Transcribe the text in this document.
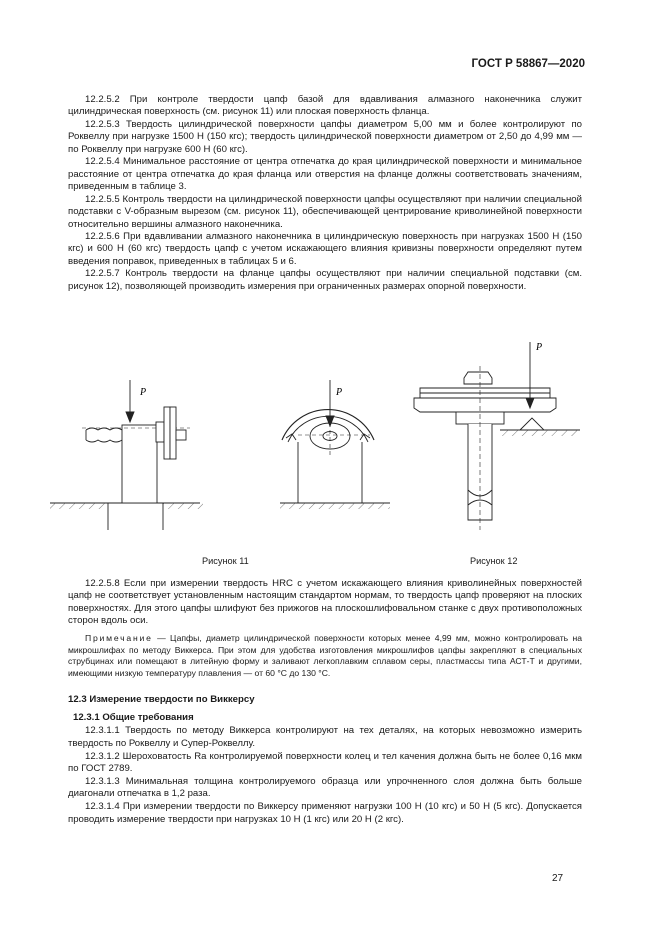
ГОСТ Р 58867—2020

12.2.5.2 При контроле твердости цапф базой для вдавливания алмазного наконечника служит цилиндрическая поверхность (см. рисунок 11) или плоская поверхность фланца.

12.2.5.3 Твердость цилиндрической поверхности цапфы диаметром 5,00 мм и более контролируют по Роквеллу при нагрузке 1500 Н (150 кгс); твердость цилиндрической поверхности диаметром от 2,50 до 4,99 мм — по Роквеллу при нагрузке 600 Н (60 кгс).

12.2.5.4 Минимальное расстояние от центра отпечатка до края цилиндрической поверхности и минимальное расстояние от центра отпечатка до края фланца или отверстия на фланце должны соответствовать значениям, приведенным в таблице 3.

12.2.5.5 Контроль твердости на цилиндрической поверхности цапфы осуществляют при наличии специальной подставки с V-образным вырезом (см. рисунок 11), обеспечивающей центрирование криволинейной поверхности относительно вершины алмазного наконечника.

12.2.5.6 При вдавливании алмазного наконечника в цилиндрическую поверхность при нагрузках 1500 Н (150 кгс) и 600 Н (60 кгс) твердость цапф с учетом искажающего влияния кривизны поверхности определяют путем введения поправок, приведенных в таблицах 5 и 6.

12.2.5.7 Контроль твердости на фланце цапфы осуществляют при наличии специальной подставки (см. рисунок 12), позволяющей производить измерения при ограниченных размерах опорной поверхности.

P	P
P
Рисунок 11	Рисунок 12

12.2.5.8 Если при измерении твердость HRC с учетом искажающего влияния криволинейных поверхностей цапф не соответствует установленным настоящим стандартом нормам, то твердость цапф проверяют на плоских поверхностях. Для этого цапфы шлифуют без прижогов на плоскошлифовальном станке с двух противоположных сторон вдоль оси.

Примечание — Цапфы, диаметр цилиндрической поверхности которых менее 4,99 мм, можно контролировать на микрошлифах по методу Виккерса. При этом для удобства изготовления микрошлифов цапфы закрепляют в специальных струбцинах или помещают в литейную форму и заливают легкоплавким сплавом серы, пластмассы типа АСТ-Т и другими, имеющими низкую температуру плавления — от 60 °C до 130 °C.

12.3 Измерение твердости по Виккерсу

12.3.1 Общие требования

12.3.1.1 Твердость по методу Виккерса контролируют на тех деталях, на которых невозможно измерить твердость по Роквеллу и Супер-Роквеллу.

12.3.1.2 Шероховатость Ra контролируемой поверхности колец и тел качения должна быть не более 0,16 мкм по ГОСТ 2789.

12.3.1.3 Минимальная толщина контролируемого образца или упрочненного слоя должна быть больше диагонали отпечатка в 1,2 раза.

12.3.1.4 При измерении твердости по Виккерсу применяют нагрузки 100 Н (10 кгс) и 50 Н (5 кгс). Допускается проводить измерение твердости при нагрузках 10 Н (1 кгс) или 20 Н (2 кгс).

27
